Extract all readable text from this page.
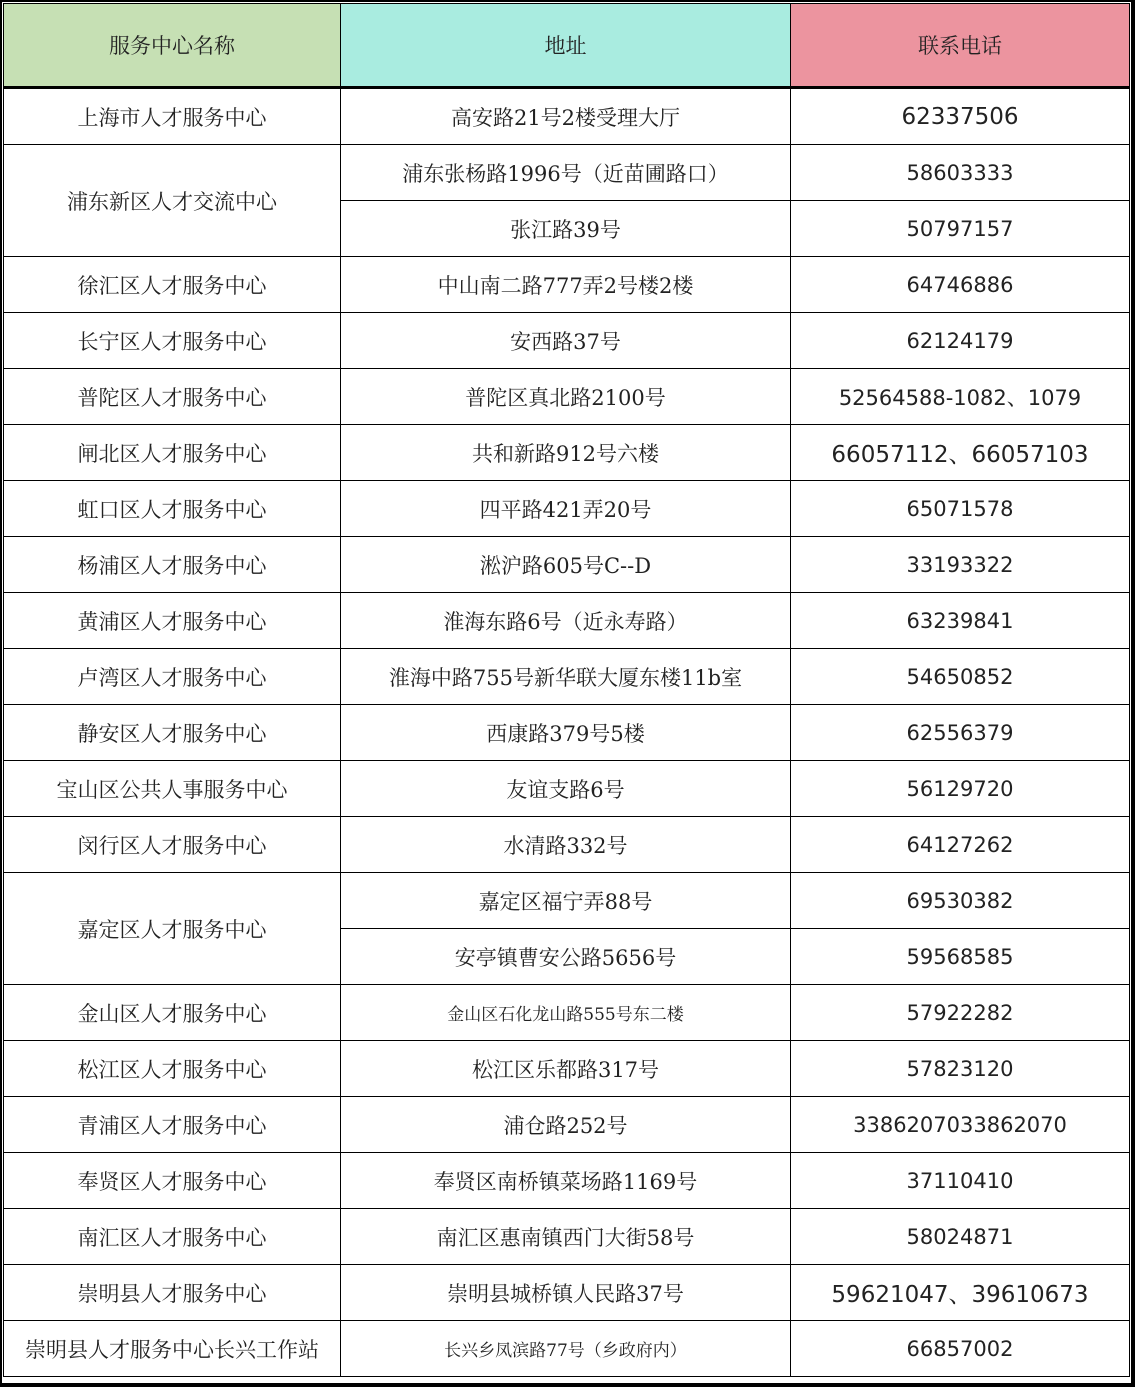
服务中心名称	地址	联系电话
上海市人才服务中心	高安路21号2楼受理大厅	62337506
浦东新区人才交流中心	浦东张杨路1996号（近苗圃路口）	58603333
	张江路39号	50797157
徐汇区人才服务中心	中山南二路777弄2号楼2楼	64746886
长宁区人才服务中心	安西路37号	62124179
普陀区人才服务中心	普陀区真北路2100号	52564588-1082、1079
闸北区人才服务中心	共和新路912号六楼	66057112、66057103
虹口区人才服务中心	四平路421弄20号	65071578
杨浦区人才服务中心	淞沪路605号C--D	33193322
黄浦区人才服务中心	淮海东路6号（近永寿路）	63239841
卢湾区人才服务中心	淮海中路755号新华联大厦东楼11b室	54650852
静安区人才服务中心	西康路379号5楼	62556379
宝山区公共人事服务中心	友谊支路6号	56129720
闵行区人才服务中心	水清路332号	64127262
嘉定区人才服务中心	嘉定区福宁弄88号	69530382
	安亭镇曹安公路5656号	59568585
金山区人才服务中心	金山区石化龙山路555号东二楼	57922282
松江区人才服务中心	松江区乐都路317号	57823120
青浦区人才服务中心	浦仓路252号	3386207033862070
奉贤区人才服务中心	奉贤区南桥镇菜场路1169号	37110410
南汇区人才服务中心	南汇区惠南镇西门大街58号	58024871
崇明县人才服务中心	崇明县城桥镇人民路37号	59621047、39610673
崇明县人才服务中心长兴工作站	长兴乡凤滨路77号（乡政府内）	66857002
